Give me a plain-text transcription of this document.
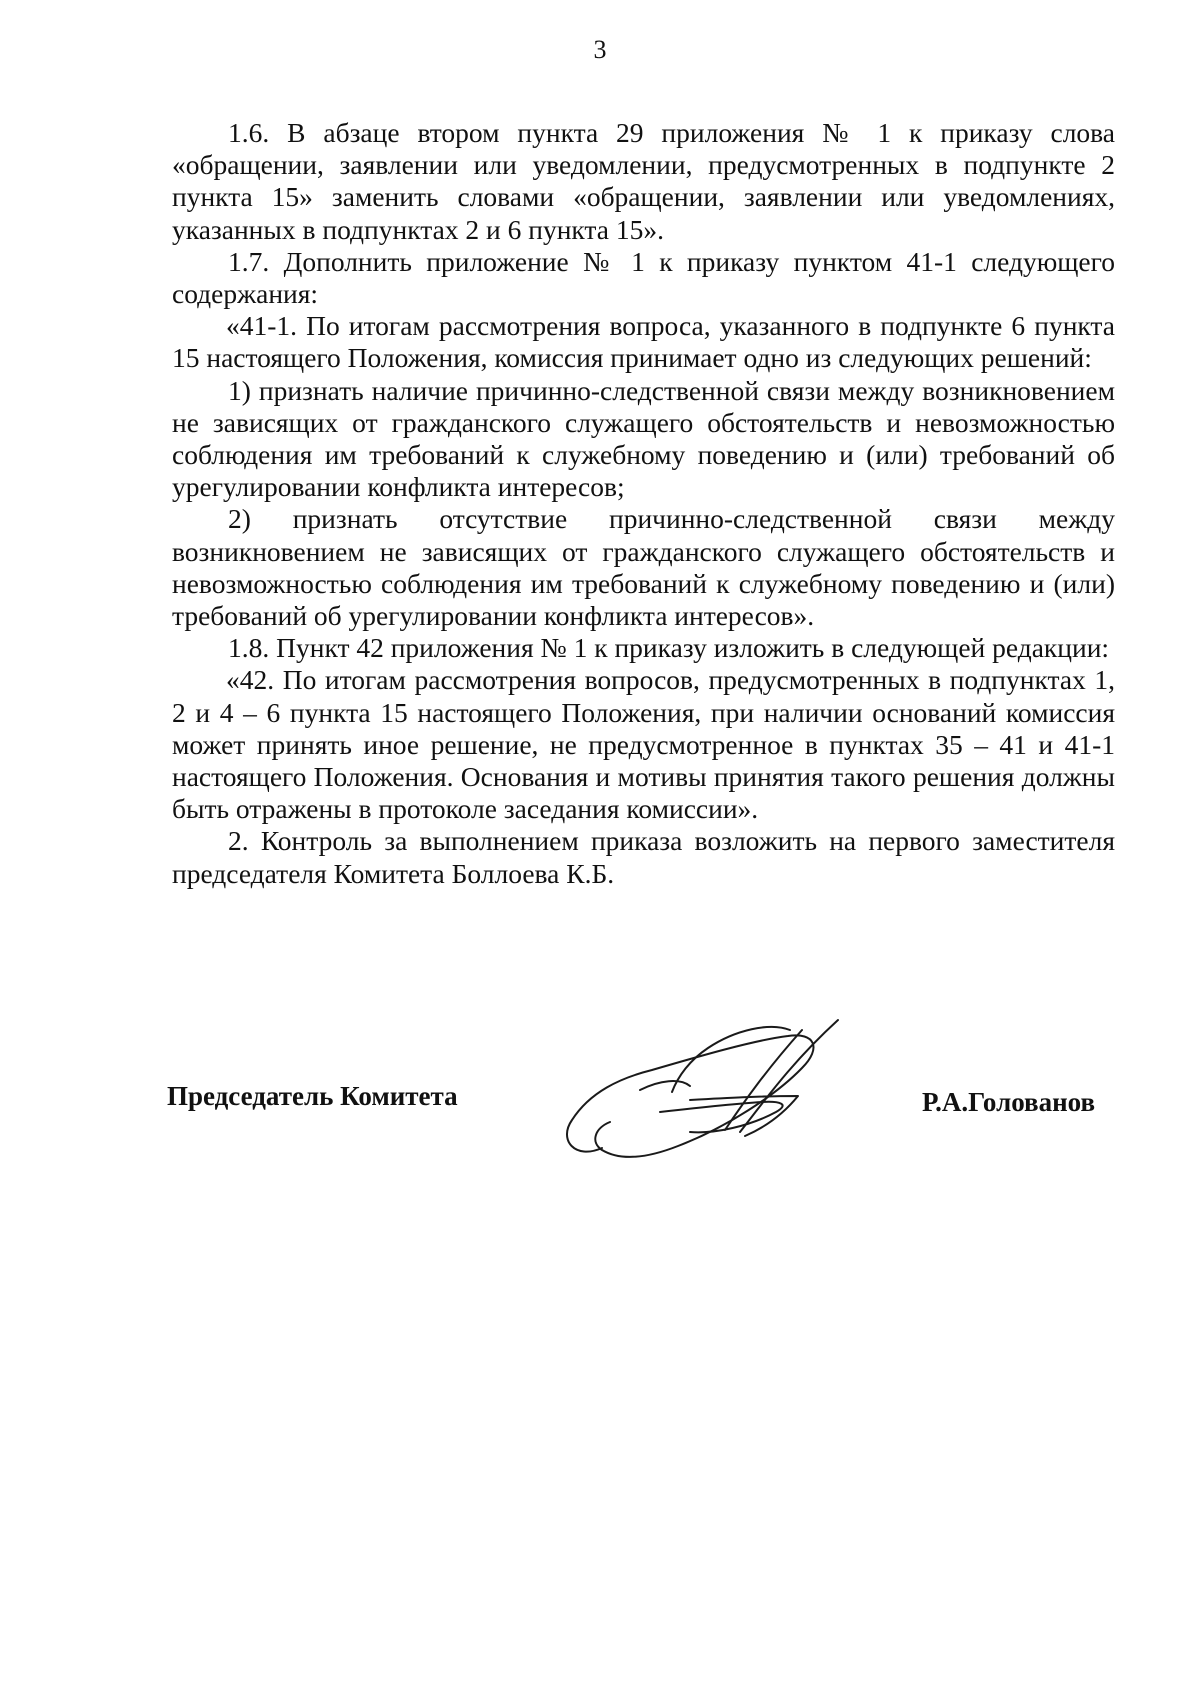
3

1.6. В абзаце втором пункта 29 приложения № 1 к приказу слова «обращении, заявлении или уведомлении, предусмотренных в подпункте 2 пункта 15» заменить словами «обращении, заявлении или уведомлениях, указанных в подпунктах 2 и 6 пункта 15».

1.7. Дополнить приложение № 1 к приказу пунктом 41-1 следующего содержания:

«41-1. По итогам рассмотрения вопроса, указанного в подпункте 6 пункта 15 настоящего Положения, комиссия принимает одно из следующих решений:

1) признать наличие причинно-следственной связи между возникновением не зависящих от гражданского служащего обстоятельств и невозможностью соблюдения им требований к служебному поведению и (или) требований об урегулировании конфликта интересов;

2) признать отсутствие причинно-следственной связи между возникновением не зависящих от гражданского служащего обстоятельств и невозможностью соблюдения им требований к служебному поведению и (или) требований об урегулировании конфликта интересов».

1.8. Пункт 42 приложения № 1 к приказу изложить в следующей редакции:

«42. По итогам рассмотрения вопросов, предусмотренных в подпунктах 1, 2 и 4 – 6 пункта 15 настоящего Положения, при наличии оснований комиссия может принять иное решение, не предусмотренное в пунктах 35 – 41 и 41-1 настоящего Положения. Основания и мотивы принятия такого решения должны быть отражены в протоколе заседания комиссии».

2. Контроль за выполнением приказа возложить на первого заместителя председателя Комитета Боллоева К.Б.

Председатель Комитета	Р.А.Голованов
